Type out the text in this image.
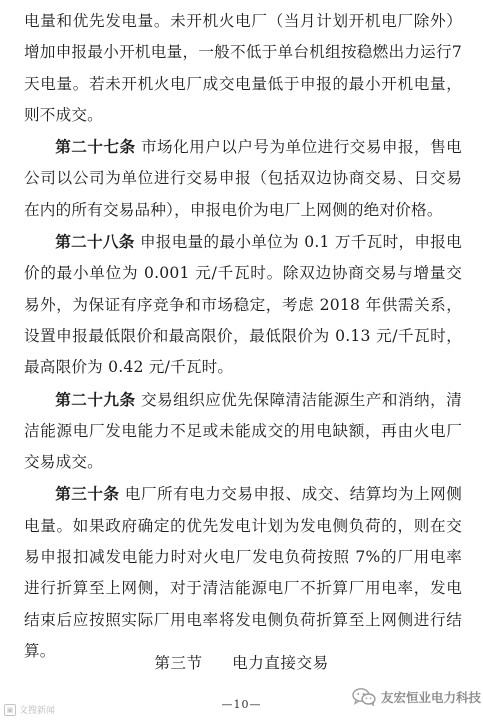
电量和优先发电量。未开机火电厂（当月计划开机电厂除外）增加申报最小开机电量，一般不低于单台机组按稳燃出力运行7天电量。若未开机火电厂成交电量低于申报的最小开机电量，则不成交。

第二十七条 市场化用户以户号为单位进行交易申报，售电公司以公司为单位进行交易申报（包括双边协商交易、日交易在内的所有交易品种），申报电价为电厂上网侧的绝对价格。

第二十八条 申报电量的最小单位为 0.1 万千瓦时，申报电价的最小单位为 0.001 元/千瓦时。除双边协商交易与增量交易外，为保证有序竞争和市场稳定，考虑 2018 年供需关系，设置申报最低限价和最高限价，最低限价为 0.13 元/千瓦时，最高限价为 0.42 元/千瓦时。

第二十九条 交易组织应优先保障清洁能源生产和消纳，清洁能源电厂发电能力不足或未能成交的用电缺额，再由火电厂交易成交。

第三十条 电厂所有电力交易申报、成交、结算均为上网侧电量。如果政府确定的优先发电计划为发电侧负荷的，则在交易申报扣减发电能力时对火电厂发电负荷按照 7%的厂用电率进行折算至上网侧，对于清洁能源电厂不折算厂用电率，发电结束后应按照实际厂用电率将发电侧负荷折算至上网侧进行结算。

第三节 电力直接交易
—10—
▣ 文搜新闻
友宏恒业电力科技
